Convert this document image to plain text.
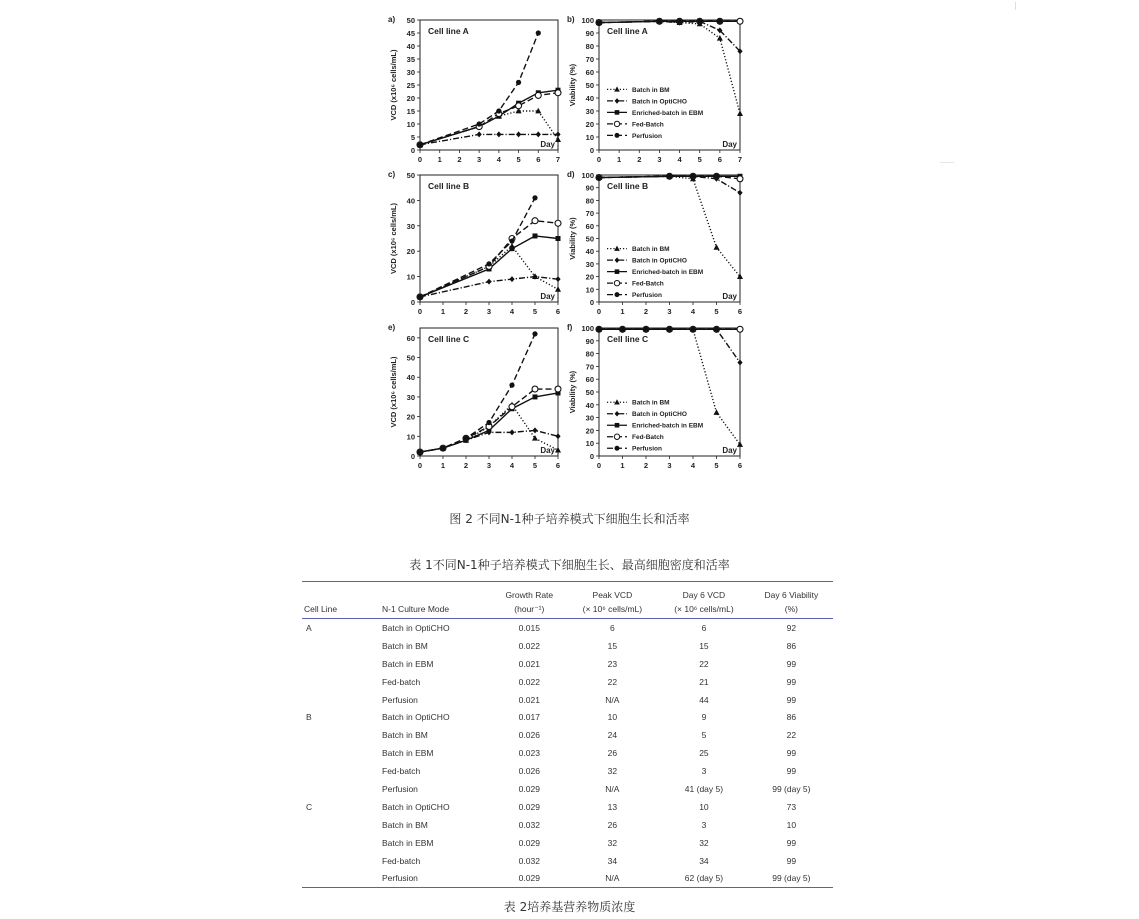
0
5
10
15
20
25
30
35
40
45
50
0 1 2 3 4 5 6 7
a)
Cell line A
Day
VCD (x10⁶ cells/mL)
0
10
20
30
40
50
60
70
80
90
100
0 1 2 3 4 5 6 7
b)
Cell line A
Day
Viability (%)	Batch in BM
Batch in OptiCHO
Enriched-batch in EBM
Fed-Batch
Perfusion
0
10
20
30
40
50
0	1	2	3	4	5	6
c)
Cell line B
Day
VCD (x10⁶ cells/mL)
0
10
20
30
40
50
60
70
80
90
100
0	1	2	3	4	5	6
d)
Cell line B
Day
Viability (%)	Batch in BM
Batch in OptiCHO
Enriched-batch in EBM
Fed-Batch
Perfusion
0
10
20
30
40
50
60
0	1	2	3	4	5	6
e)
Cell line C
Day
VCD (x10⁶ cells/mL)
0
10
20
30
40
50
60
70
80
90
100
0	1	2	3	4	5	6
f)
Cell line C
Day
Viability (%)	Batch in BM
Batch in OptiCHO
Enriched-batch in EBM
Fed-Batch
Perfusion
图 2 不同N-1种子培养模式下细胞生长和活率
表 1不同N-1种子培养模式下细胞生长、最高细胞密度和活率
		Growth Rate	Peak VCD	Day 6 VCD	Day 6 Viability
Cell Line	N-1 Culture Mode	(hour⁻¹)	(× 10⁶ cells/mL)	(× 10⁶ cells/mL)	(%)
A	Batch in OptiCHO	0.015	6	6	92
	Batch in BM	0.022	15	15	86
	Batch in EBM	0.021	23	22	99
	Fed-batch	0.022	22	21	99
	Perfusion	0.021	N/A	44	99
B	Batch in OptiCHO	0.017	10	9	86
	Batch in BM	0.026	24	5	22
	Batch in EBM	0.023	26	25	99
	Fed-batch	0.026	32	3	99
	Perfusion	0.029	N/A	41 (day 5)	99 (day 5)
C	Batch in OptiCHO	0.029	13	10	73
	Batch in BM	0.032	26	3	10
	Batch in EBM	0.029	32	32	99
	Fed-batch	0.032	34	34	99
	Perfusion	0.029	N/A	62 (day 5)	99 (day 5)
表 2培养基营养物质浓度
